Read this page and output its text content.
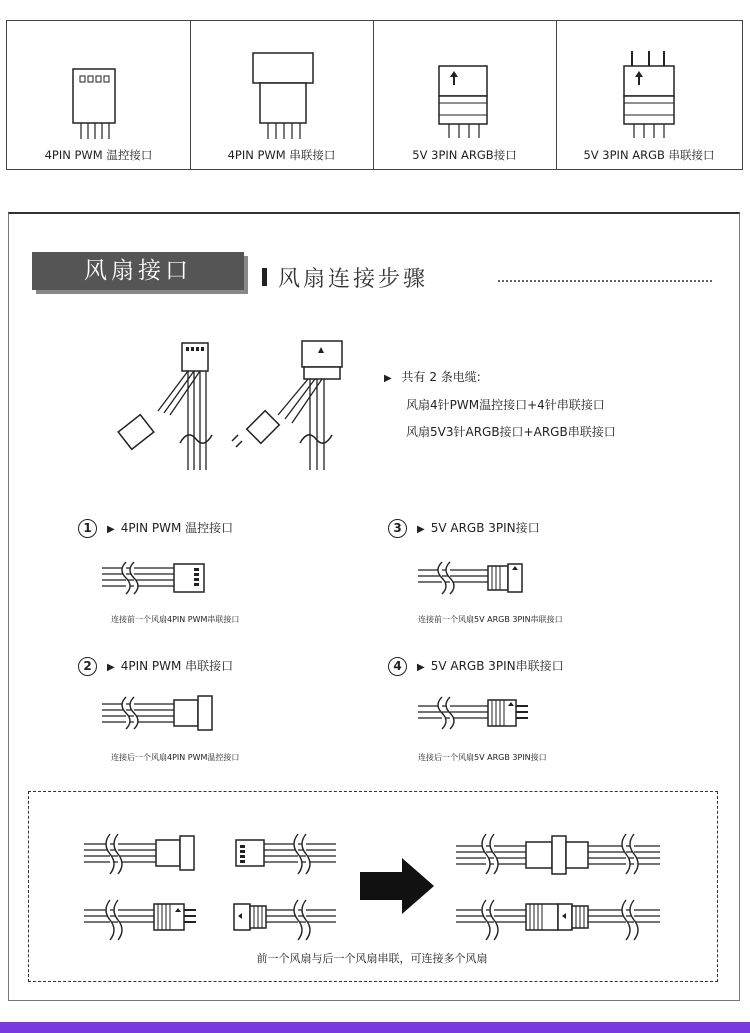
4PIN PWM 温控接口	4PIN PWM 串联接口	5V 3PIN ARGB接口	5V 3PIN ARGB 串联接口
风扇接口	风扇连接步骤
▶ 共有 2 条电缆:
风扇4针PWM温控接口+4针串联接口
风扇5V3针ARGB接口+ARGB串联接口
1 ▶ 4PIN PWM 温控接口
连接前一个风扇4PIN PWM串联接口
2 ▶ 4PIN PWM 串联接口
连接后一个风扇4PIN PWM温控接口
3 ▶ 5V ARGB 3PIN接口
连接前一个风扇5V ARGB 3PIN串联接口
4 ▶ 5V ARGB 3PIN串联接口
连接后一个风扇5V ARGB 3PIN接口
前一个风扇与后一个风扇串联，可连接多个风扇
